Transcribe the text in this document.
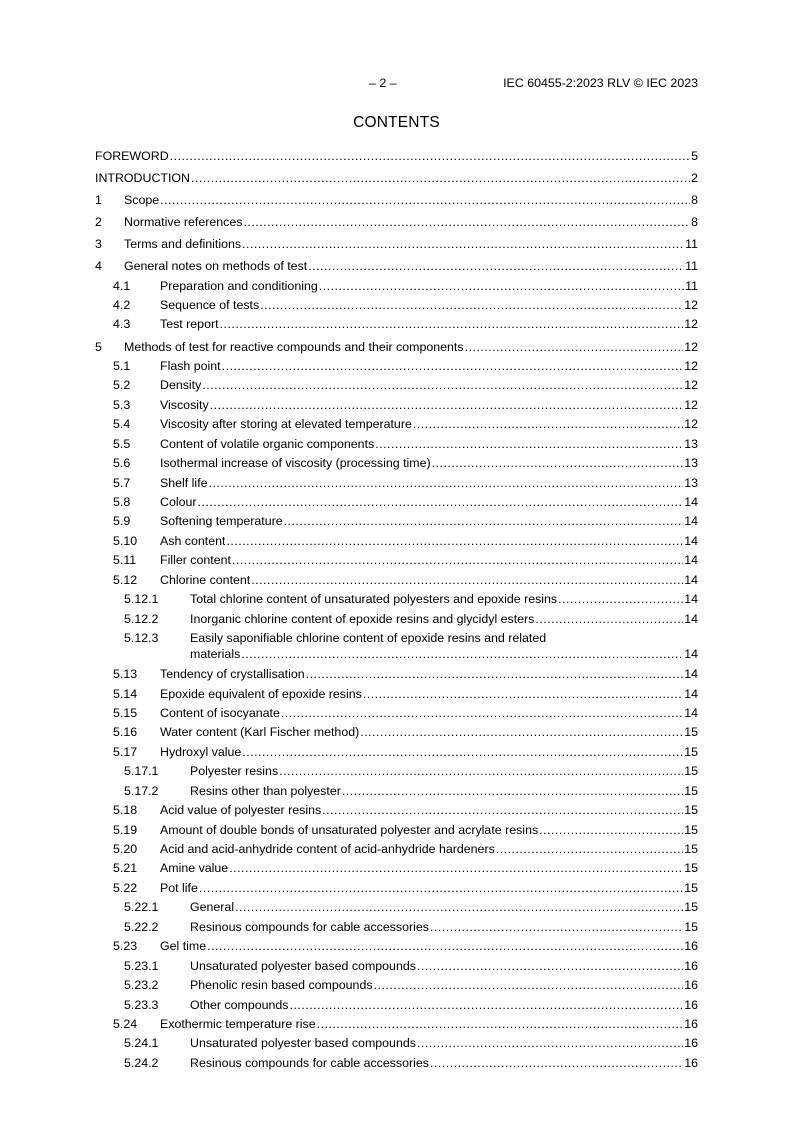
– 2 –	IEC 60455-2:2023 RLV © IEC 2023
CONTENTS
FOREWORD .....	5
INTRODUCTION .....	2
1	Scope .....	8
2	Normative references .....	8
3	Terms and definitions .....	11
4	General notes on methods of test .....	11
4.1	Preparation and conditioning .....	11
4.2	Sequence of tests .....	12
4.3	Test report .....	12
5	Methods of test for reactive compounds and their components .....	12
5.1	Flash point .....	12
5.2	Density .....	12
5.3	Viscosity .....	12
5.4	Viscosity after storing at elevated temperature .....	12
5.5	Content of volatile organic components .....	13
5.6	Isothermal increase of viscosity (processing time) .....	13
5.7	Shelf life .....	13
5.8	Colour .....	14
5.9	Softening temperature .....	14
5.10	Ash content .....	14
5.11	Filler content .....	14
5.12	Chlorine content .....	14
5.12.1	Total chlorine content of unsaturated polyesters and epoxide resins .....	14
5.12.2	Inorganic chlorine content of epoxide resins and glycidyl esters .....	14
5.12.3	Easily saponifiable chlorine content of epoxide resins and related
materials .....	14
5.13	Tendency of crystallisation .....	14
5.14	Epoxide equivalent of epoxide resins .....	14
5.15	Content of isocyanate .....	14
5.16	Water content (Karl Fischer method) .....	15
5.17	Hydroxyl value .....	15
5.17.1	Polyester resins .....	15
5.17.2	Resins other than polyester .....	15
5.18	Acid value of polyester resins .....	15
5.19	Amount of double bonds of unsaturated polyester and acrylate resins .....	15
5.20	Acid and acid-anhydride content of acid-anhydride hardeners .....	15
5.21	Amine value .....	15
5.22	Pot life .....	15
5.22.1	General .....	15
5.22.2	Resinous compounds for cable accessories .....	15
5.23	Gel time .....	16
5.23.1	Unsaturated polyester based compounds .....	16
5.23.2	Phenolic resin based compounds .....	16
5.23.3	Other compounds .....	16
5.24	Exothermic temperature rise .....	16
5.24.1	Unsaturated polyester based compounds .....	16
5.24.2	Resinous compounds for cable accessories .....	16
